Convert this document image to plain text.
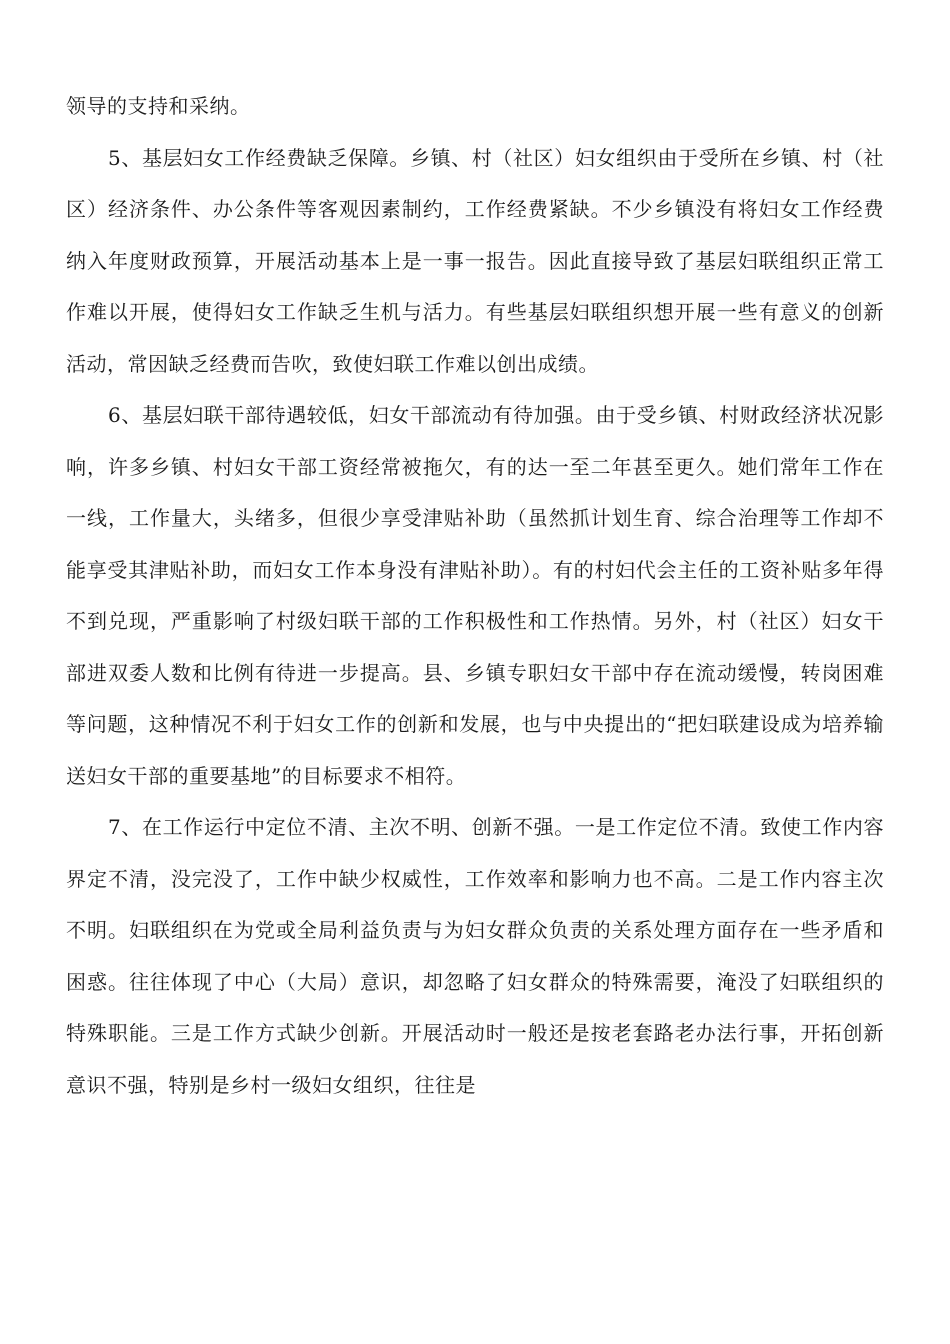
领导的支持和采纳。

5、基层妇女工作经费缺乏保障。乡镇、村（社区）妇女组织由于受所在乡镇、村（社区）经济条件、办公条件等客观因素制约，工作经费紧缺。不少乡镇没有将妇女工作经费纳入年度财政预算，开展活动基本上是一事一报告。因此直接导致了基层妇联组织正常工作难以开展，使得妇女工作缺乏生机与活力。有些基层妇联组织想开展一些有意义的创新活动，常因缺乏经费而告吹，致使妇联工作难以创出成绩。

6、基层妇联干部待遇较低，妇女干部流动有待加强。由于受乡镇、村财政经济状况影响，许多乡镇、村妇女干部工资经常被拖欠，有的达一至二年甚至更久。她们常年工作在一线，工作量大，头绪多，但很少享受津贴补助（虽然抓计划生育、综合治理等工作却不能享受其津贴补助，而妇女工作本身没有津贴补助）。有的村妇代会主任的工资补贴多年得不到兑现，严重影响了村级妇联干部的工作积极性和工作热情。另外，村（社区）妇女干部进双委人数和比例有待进一步提高。县、乡镇专职妇女干部中存在流动缓慢，转岗困难等问题，这种情况不利于妇女工作的创新和发展，也与中央提出的“把妇联建设成为培养输送妇女干部的重要基地”的目标要求不相符。

7、在工作运行中定位不清、主次不明、创新不强。一是工作定位不清。致使工作内容界定不清，没完没了，工作中缺少权威性，工作效率和影响力也不高。二是工作内容主次不明。妇联组织在为党或全局利益负责与为妇女群众负责的关系处理方面存在一些矛盾和困惑。往往体现了中心（大局）意识，却忽略了妇女群众的特殊需要，淹没了妇联组织的特殊职能。三是工作方式缺少创新。开展活动时一般还是按老套路老办法行事，开拓创新意识不强，特别是乡村一级妇女组织，往往是
